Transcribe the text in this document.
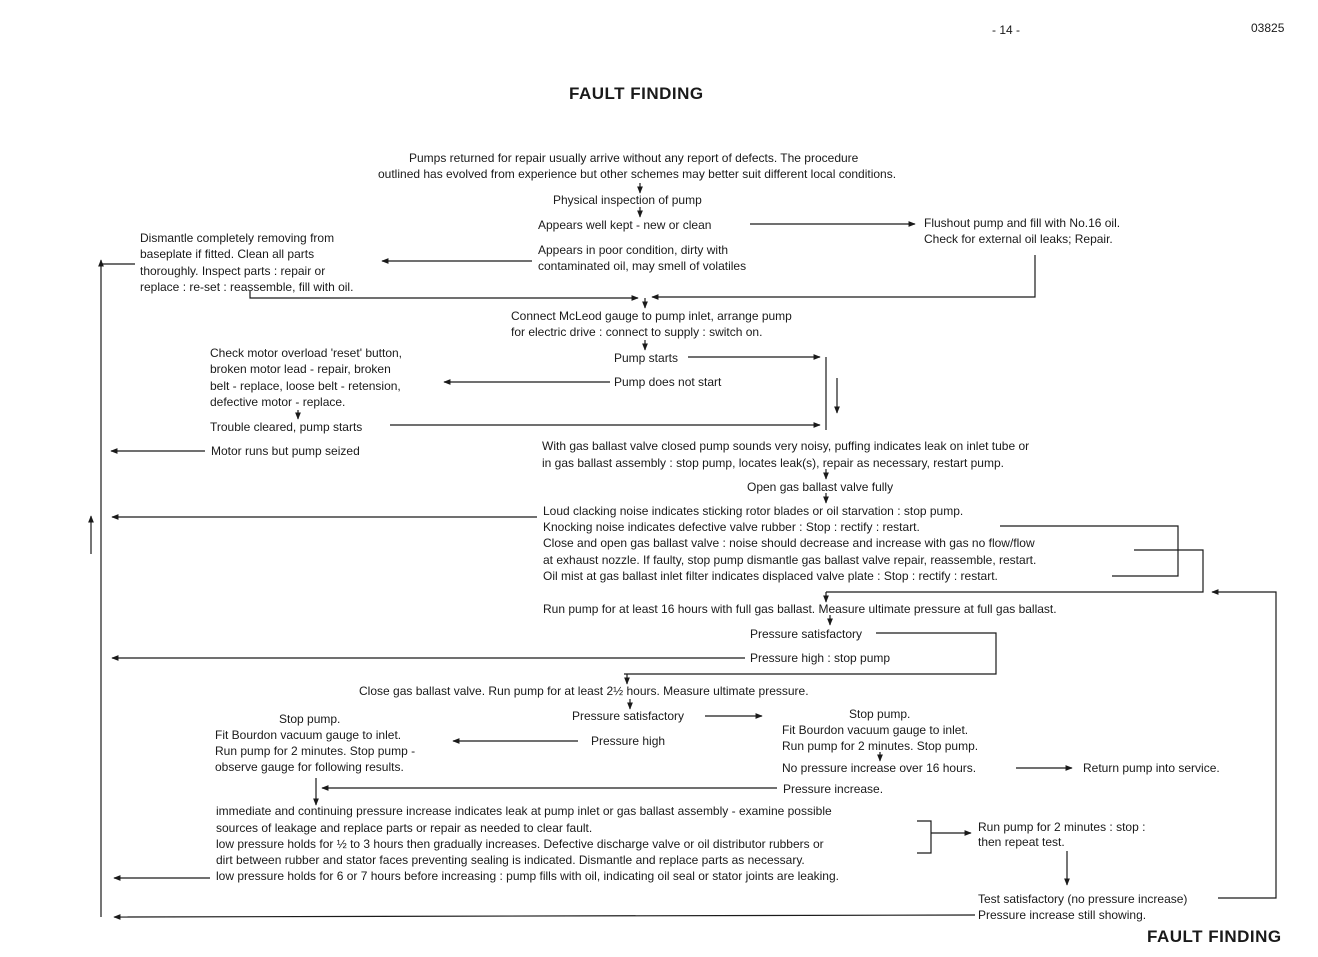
- 14 -	03825
FAULT FINDING
Pumps returned for repair usually arrive without any report of defects. The procedure
outlined has evolved from experience but other schemes may better suit different local conditions.
Physical inspection of pump
Appears well kept - new or clean	Flushout pump and fill with No.16 oil.
Check for external oil leaks; Repair.
Dismantle completely removing from
baseplate if fitted. Clean all parts
thoroughly. Inspect parts : repair or
replace : re-set : reassemble, fill with oil.
Appears in poor condition, dirty with
contaminated oil, may smell of volatiles
Connect McLeod gauge to pump inlet, arrange pump
for electric drive : connect to supply : switch on.
Pump starts
Pump does not start
Check motor overload 'reset' button,
broken motor lead - repair, broken
belt - replace, loose belt - retension,
defective motor - replace.
Trouble cleared, pump starts
Motor runs but pump seized	With gas ballast valve closed pump sounds very noisy, puffing indicates leak on inlet tube or
in gas ballast assembly : stop pump, locates leak(s), repair as necessary, restart pump.
Open gas ballast valve fully
Loud clacking noise indicates sticking rotor blades or oil starvation : stop pump.
Knocking noise indicates defective valve rubber : Stop : rectify : restart.
Close and open gas ballast valve : noise should decrease and increase with gas no flow/flow
at exhaust nozzle. If faulty, stop pump dismantle gas ballast valve repair, reassemble, restart.
Oil mist at gas ballast inlet filter indicates displaced valve plate : Stop : rectify : restart.
Run pump for at least 16 hours with full gas ballast. Measure ultimate pressure at full gas ballast.
Pressure satisfactory
Pressure high : stop pump
Close gas ballast valve. Run pump for at least 2½ hours. Measure ultimate pressure.
Pressure satisfactory
Pressure high
Stop pump.
Fit Bourdon vacuum gauge to inlet.
Run pump for 2 minutes. Stop pump -
observe gauge for following results.
Stop pump.
Fit Bourdon vacuum gauge to inlet.
Run pump for 2 minutes. Stop pump.
No pressure increase over 16 hours.	Return pump into service.
Pressure increase.
immediate and continuing pressure increase indicates leak at pump inlet or gas ballast assembly - examine possible
sources of leakage and replace parts or repair as needed to clear fault.
low pressure holds for ½ to 3 hours then gradually increases. Defective discharge valve or oil distributor rubbers or
dirt between rubber and stator faces preventing sealing is indicated. Dismantle and replace parts as necessary.
low pressure holds for 6 or 7 hours before increasing : pump fills with oil, indicating oil seal or stator joints are leaking.
Run pump for 2 minutes : stop :
then repeat test.
Test satisfactory (no pressure increase)
Pressure increase still showing.
FAULT FINDING
